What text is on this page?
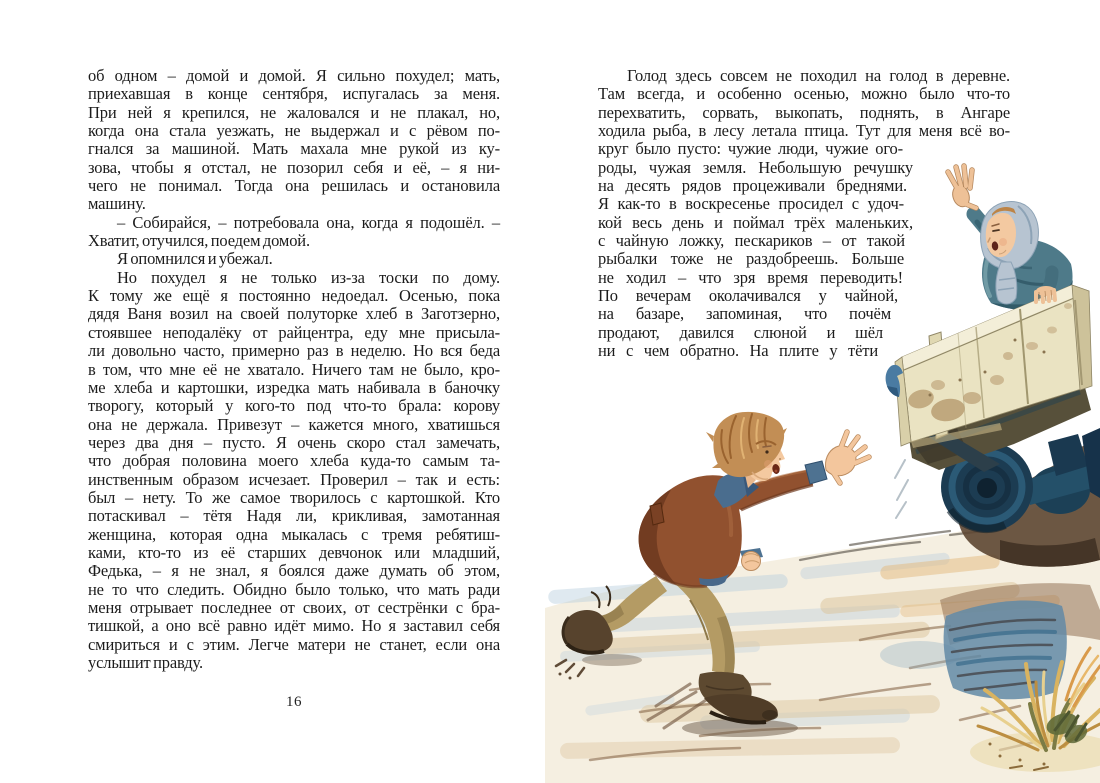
об одном – домой и домой. Я сильно похудел; мать,
приехавшая в конце сентября, испугалась за меня.
При ней я крепился, не жаловался и не плакал, но,
когда она стала уезжать, не выдержал и с рёвом по-
гнался за машиной. Мать махала мне рукой из ку-
зова, чтобы я отстал, не позорил себя и её, – я ни-
чего не понимал. Тогда она решилась и остановила
машину.
– Собирайся, – потребовала она, когда я подошёл. –
Хватит, отучился, поедем домой.
Я опомнился и убежал.
Но похудел я не только из-за тоски по дому.
К тому же ещё я постоянно недоедал. Осенью, пока
дядя Ваня возил на своей полуторке хлеб в Заготзерно,
стоявшее неподалёку от райцентра, еду мне присыла-
ли довольно часто, примерно раз в неделю. Но вся беда
в том, что мне её не хватало. Ничего там не было, кро-
ме хлеба и картошки, изредка мать набивала в баночку
творогу, который у кого-то под что-то брала: корову
она не держала. Привезут – кажется много, хватишься
через два дня – пусто. Я очень скоро стал замечать,
что добрая половина моего хлеба куда-то самым та-
инственным образом исчезает. Проверил – так и есть:
был – нету. То же самое творилось с картошкой. Кто
потаскивал – тётя Надя ли, крикливая, замотанная
женщина, которая одна мыкалась с тремя ребятиш-
ками, кто-то из её старших девчонок или младший,
Федька, – я не знал, я боялся даже думать об этом,
не то что следить. Обидно было только, что мать ради
меня отрывает последнее от своих, от сестрёнки с бра-
тишкой, а оно всё равно идёт мимо. Но я заставил себя
смириться и с этим. Легче матери не станет, если она
услышит правду.
16
Голод здесь совсем не походил на голод в деревне.
Там всегда, и особенно осенью, можно было что-то
перехватить, сорвать, выкопать, поднять, в Ангаре
ходила рыба, в лесу летала птица. Тут для меня всё во-
круг было пусто: чужие люди, чужие ого-
роды, чужая земля. Небольшую речушку
на десять рядов процеживали бреднями.
Я как-то в воскресенье просидел с удоч-
кой весь день и поймал трёх маленьких,
с чайную ложку, пескариков – от такой
рыбалки тоже не раздобреешь. Больше
не ходил – что зря время переводить!
По вечерам околачивался у чайной,
на базаре, запоминая, что почём
продают, давился слюной и шёл
ни с чем обратно. На плите у тёти
